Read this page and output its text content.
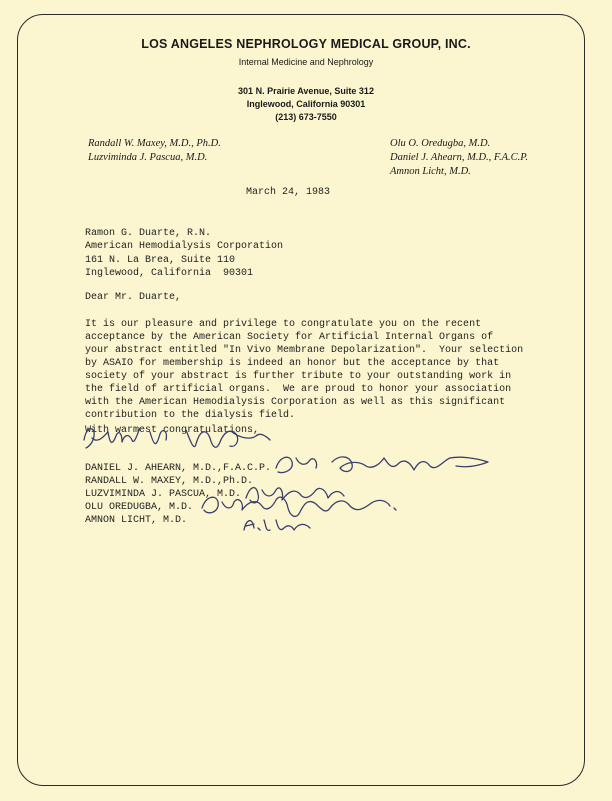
LOS ANGELES NEPHROLOGY MEDICAL GROUP, INC.
Internal Medicine and Nephrology
301 N. Prairie Avenue, Suite 312
Inglewood, California 90301
(213) 673-7550
Randall W. Maxey, M.D., Ph.D.
Luzviminda J. Pascua, M.D.
Olu O. Oredugba, M.D.
Daniel J. Ahearn, M.D., F.A.C.P.
Amnon Licht, M.D.
March 24, 1983
Ramon G. Duarte, R.N.
American Hemodialysis Corporation
161 N. La Brea, Suite 110
Inglewood, California  90301
Dear Mr. Duarte,
It is our pleasure and privilege to congratulate you on the recent
acceptance by the American Society for Artificial Internal Organs of
your abstract entitled "In Vivo Membrane Depolarization".  Your selection
by ASAIO for membership is indeed an honor but the acceptance by that
society of your abstract is further tribute to your outstanding work in
the field of artificial organs.  We are proud to honor your association
with the American Hemodialysis Corporation as well as this significant
contribution to the dialysis field.
With warmest congratulations,
DANIEL J. AHEARN, M.D.,F.A.C.P.
RANDALL W. MAXEY, M.D.,Ph.D.
LUZVIMINDA J. PASCUA, M.D.
OLU OREDUGBA, M.D.
AMNON LICHT, M.D.
